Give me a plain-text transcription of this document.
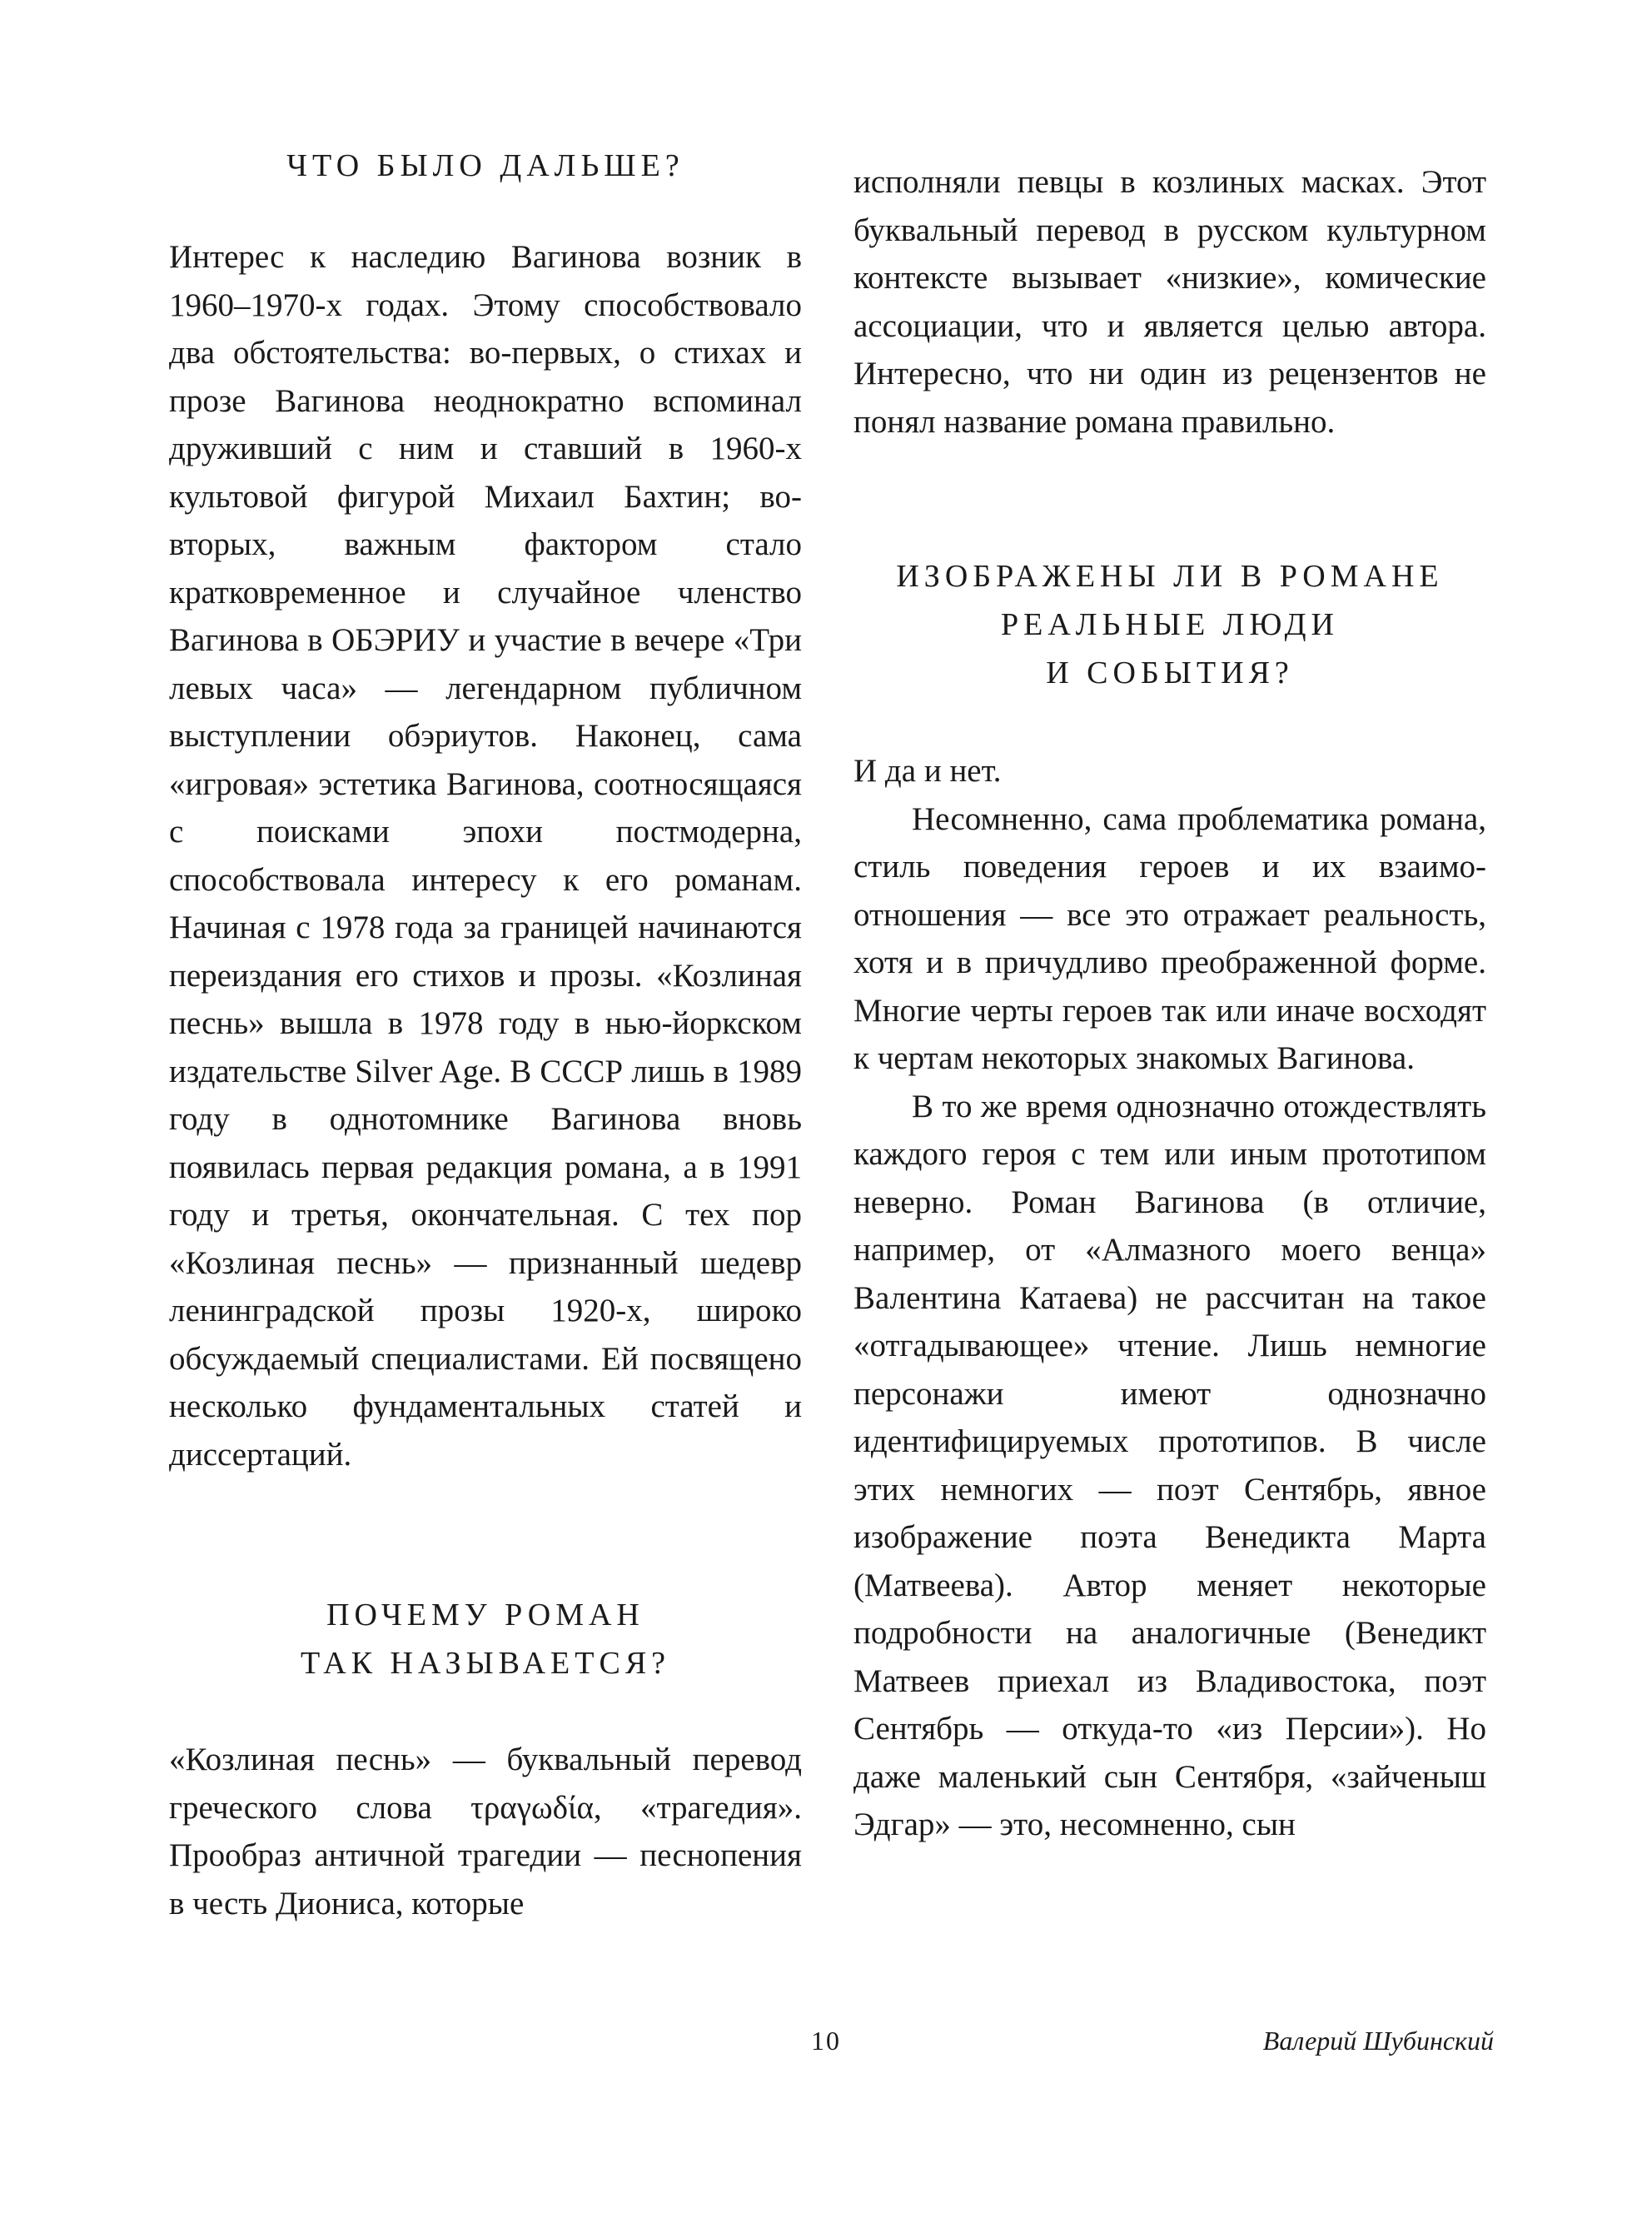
ЧТО БЫЛО ДАЛЬШЕ?

Интерес к наследию Вагинова возник в 1960–1970-х годах. Этому способствовало два обстоятельства: во-первых, о стихах и прозе Вагинова неоднократно вспоминал друживший с ним и ставший в 1960-х культовой фигурой Михаил Бахтин; во-вторых, важным фактором стало кратковременное и случайное членство Вагинова в ОБЭРИУ и участие в вечере «Три левых часа» — легендарном публичном выступлении обэриутов. Наконец, сама «игровая» эстетика Вагинова, соотносящаяся с поисками эпохи постмодерна, способствовала интересу к его романам. Начиная с 1978 года за границей начинаются переиздания его стихов и прозы. «Козлиная песнь» вышла в 1978 году в нью-йоркском издательстве Silver Age. В СССР лишь в 1989 году в однотомнике Вагинова вновь появилась первая редакция романа, а в 1991 году и третья, окончательная. С тех пор «Козлиная песнь» — признанный шедевр ленинградской прозы 1920-х, широко обсуждаемый специалистами. Ей посвящено несколько фундаментальных статей и диссертаций.

ПОЧЕМУ РОМАН
ТАК НАЗЫВАЕТСЯ?

«Козлиная песнь» — буквальный перевод греческого слова τραγωδία, «трагедия». Прообраз античной трагедии — песнопения в честь Диониса, которые

исполняли певцы в козлиных масках. Этот буквальный перевод в русском культурном контексте вызывает «низкие», комические ассоциации, что и является целью автора. Интересно, что ни один из рецензентов не понял название романа правильно.

ИЗОБРАЖЕНЫ ЛИ В РОМАНЕ
РЕАЛЬНЫЕ ЛЮДИ
И СОБЫТИЯ?

И да и нет.

Несомненно, сама проблематика романа, стиль поведения героев и их взаимоотношения — все это отражает реальность, хотя и в причудливо преображенной форме. Многие черты героев так или иначе восходят к чертам некоторых знакомых Вагинова.

В то же время однозначно отождествлять каждого героя с тем или иным прототипом неверно. Роман Вагинова (в отличие, например, от «Алмазного моего венца» Валентина Катаева) не рассчитан на такое «отгадывающее» чтение. Лишь немногие персонажи имеют однозначно идентифицируемых прототипов. В числе этих немногих — поэт Сентябрь, явное изображение поэта Венедикта Марта (Матвеева). Автор меняет некоторые подробности на аналогичные (Венедикт Матвеев приехал из Владивостока, поэт Сентябрь — откуда-то «из Персии»). Но даже маленький сын Сентября, «зайченыш Эдгар» — это, несомненно, сын

10	Валерий Шубинский
